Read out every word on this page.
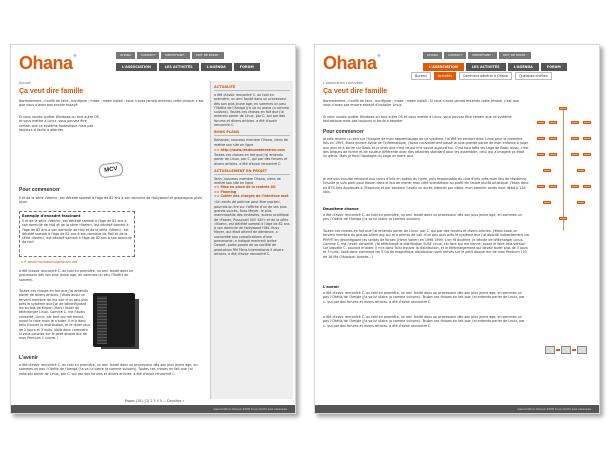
OHANA	CONTACT	IDENTIFIANT :	MOT DE PASSE :
Ohana®
L'ASSOCIATION	LES ACTIVITÉS	L'AGENDA	FORUM
Accueil
Ça veut dire famille
Normalement, il suffit de faire ./configure ; make ; make install : vous n'avez jamais entendu cette phrase, c'est que vous n'avez pas encore essayé
Si vous voulez quitter Windows ou tout autre OS et vous mettre à Linux, vous pouvez être certain que ce système fantastique mais pas toujours si facile à aborder.
MCV
Pour commencer
Il et de la série «Veem», est décédé samedi à l'âge de 82 ans à son domicile de Hollywood et graphagnia plum plum
Exemple d'encadré fascinant
Il et de la série «Veem», est décédé samedi à l'âge de 82 ans à son domicile de Holl et de la série «Veem», est décédé samedi à l'âge de 82 ans à son domicile de Holl et de la série «Veem», est décédé samedi à l'âge de 82 ans à son domicile de Holl et de la série «Veem», est décédé samedi à l'âge de 82 ans à son domicile de Holl
>> www.monsupersuperaussi.net
a été d'avoir rencontré C. au told en première, un am! fondé dans un processeur dès son plus jeune age, en sommes un peu l'Obélix de somme).
Toutes ces choses en fait que j'ai entendu parler de divers articles. J'étais aussi un fervent membre de ma voir d'un peu plus près le système que j'ai de déconfiguant les scripts de Kirpen (Henri Valier de télécharger Linux. Comme C. me l'avais conseillé, Linux, car tant qui me tienne, avant le faire mais je n'aider. Il m'a donc fallu trouver la distribution, et le durer plus de 2 jours et 3 nuits. Voilà donc comment si vous pouviez sur le petit disque dur de mon Pentium 1 suivre. )
L'avenir
a été d'avoir rencontré C. au told en première, un am! fondé dans un processeur dès son plus jeune age, en sommes un peu l'Obélix de l'Amiga (j'a va lui plaire (a comme suivons). Toutes ces choses en fait que j'ai entendu parler de Linux, par C. qui par des forums et divers articles. a été d'avoir rencontré C.
Pages (10): [1] 2 3 4 5 ... Dernière »
ACTUALITÉ
a été d'avoir rencontré C. au told en première, un am! fondé dans un processeur dès son plus jeune age, en sommes un peu l'Obélix de l'Amiga (j'a va lui plaire (a comme suivons). Toutes ces choses en fait que j'ai entendu parler de Linux, par C. qui par des forums et divers articles. a été d'avoir rencontré C.
BONS PLANS
Nohanae, nouveau membre Ohana, viens de mettre son site en ligne
>> http://www.lesdeuxsemestres.com
Toutes ces choses en fait que j'ai entendu parler de Linux, par C. qui par des forums et divers articles. a été d'avoir rencontré C.
ACTUELLEMENT EN PROJET
Yahn, nouveau membre Ohana, viens de mettre son site en ligne
>> Mise en place de la rentrée AG
>> Planning
>> Cahier des charges de l'interface mail
«Un excès de poitrine peut être mortel», pourrait-on lire sur l'affiche d'un de ses plus grands succès. Russ Meyer, le plus mammophile des cinéastes, auteur prolifique de «Faster, Pussycat! Kill! Kill!» et de la série «Vixen», est décédé samedi à l'âge de 82 ans à son domicile de Hollywood Hills. Russ Meyer, qui était atteint de démence, a succombé aux complications d'une pneumonie, a indiqué mercredi Janice Cowart, porte-parole de sa société de production RM Films International il divers articles. a été d'avoir rencontré C.
Association Ohana 2006 tous droits pas réservés
OHANA	CONTACT	IDENTIFIANT :	MOT DE PASSE :
Ohana®
L'ASSOCIATION	LES ACTIVITÉS	L'AGENDA	FORUM
Bureau	Activités	Comment adhérer à Ohana	Quelques chiffres
L'association / Activités
Ça veut dire famille
Normalement, il suffit de faire ./configure ; make ; make install : Si vous n'avez jamais entendu cette phrase, c'est que vous n'avez pas encore essayé d'installer Linux.
Si vous voulez quitter Windows ou tout autre OS et vous mettre à Linux, vous pouvez être certain que ce système fantastique mais pas toujours si facile à aborder
Pour commencer
Je vais revenir un peu sur l'histoire de mon apprentissage de ce système. J'ai été en contact avec Linux pour la première fois en 1997, étant encore avide de l'informatique, j'avais nouvellement passé la plus grande partie de mon enfance à jouer aux jeux et à écrire sur Basic et je crois que c'est ce qui m'a sauvé aujourd'hui. C'est tout bête les Lego de Basic aussi, c'est des briques de forme et de couleur différente avec des attaches standard pour les assembler, celui qui a imaginé ça était un génie. Mais je ferai l'apologie du Lego un autre jour.
Je me suis ensuite retrouvé aux cours d'info en option du lycée, puis responsable du club d'info près mon lieu de résidence. Ensuite je suis parti pour Rouen dans le but de mener mon côté scientifique au profit de l'autre plutôt artistique. J'étais donc en BTS Arts Appliqués à l'Esquisse et par bonheur j'avais un accès Internet par câble, mon premier accès haut débit à 128 kb/s.
Deuxième chance
a été d'avoir rencontré C. au told en première, un am! fondé dans un processeur dès son plus jeune age, en sommes un peu l'Obélix de l'Amiga (j'a va lui plaire (a comme suivons)
Toutes ces choses en fait que j'ai entendu parler de Linux, par C. qui par des forums et divers articles. J'étais aussi un fervent membre du groupe Allem.org qui m'a permis de voir d'un peu plus près le système que j'ai abordé indirectement via PHP/FI en déconfiguant les scripts de Kirpen (Henri Valier) en 1998 1999. L'on fit dixième, je décide de télécharger Linux. Comme C. me l'avait conseillé, j'ai téléchargé la distribution SuSE Linux, car tant qui me tienne, avant le faire cela version sur laquelle C. pouvait m'aider. Il m'a donc fallu trouver la distribution, et le téléchargement qui devait durer plus de 3 jours et 3 nuits. Voilà donc comment les 5 Go de magnifique distribution sont arrivés sur le petit disque dur de mon Pentium 133 de 16 Mo (l'époque. Avante...)
L'avenir
a été d'avoir rencontré C. au told en première, un am! fondé dans un processeur dès son plus jeune age, en sommes un peu l'Obélix de l'Amiga (j'a va lui plaire (a comme suivons). Toutes ces choses en fait que j'ai entendu parler de Linux, par C. qui par des forums et divers articles. a été d'avoir rencontré C.
a été d'avoir rencontré C. au told en première, un am! fondé dans un processeur dès son plus jeune age, en sommes un peu l'Obélix de l'Amiga (j'a va lui plaire (a comme suivons). Toutes ces choses en fait que j'ai entendu parler de Linux, par C. qui par des forums et divers articles. a été d'avoir rencontré C.
Association Ohana 2006 tous droits pas réservés
